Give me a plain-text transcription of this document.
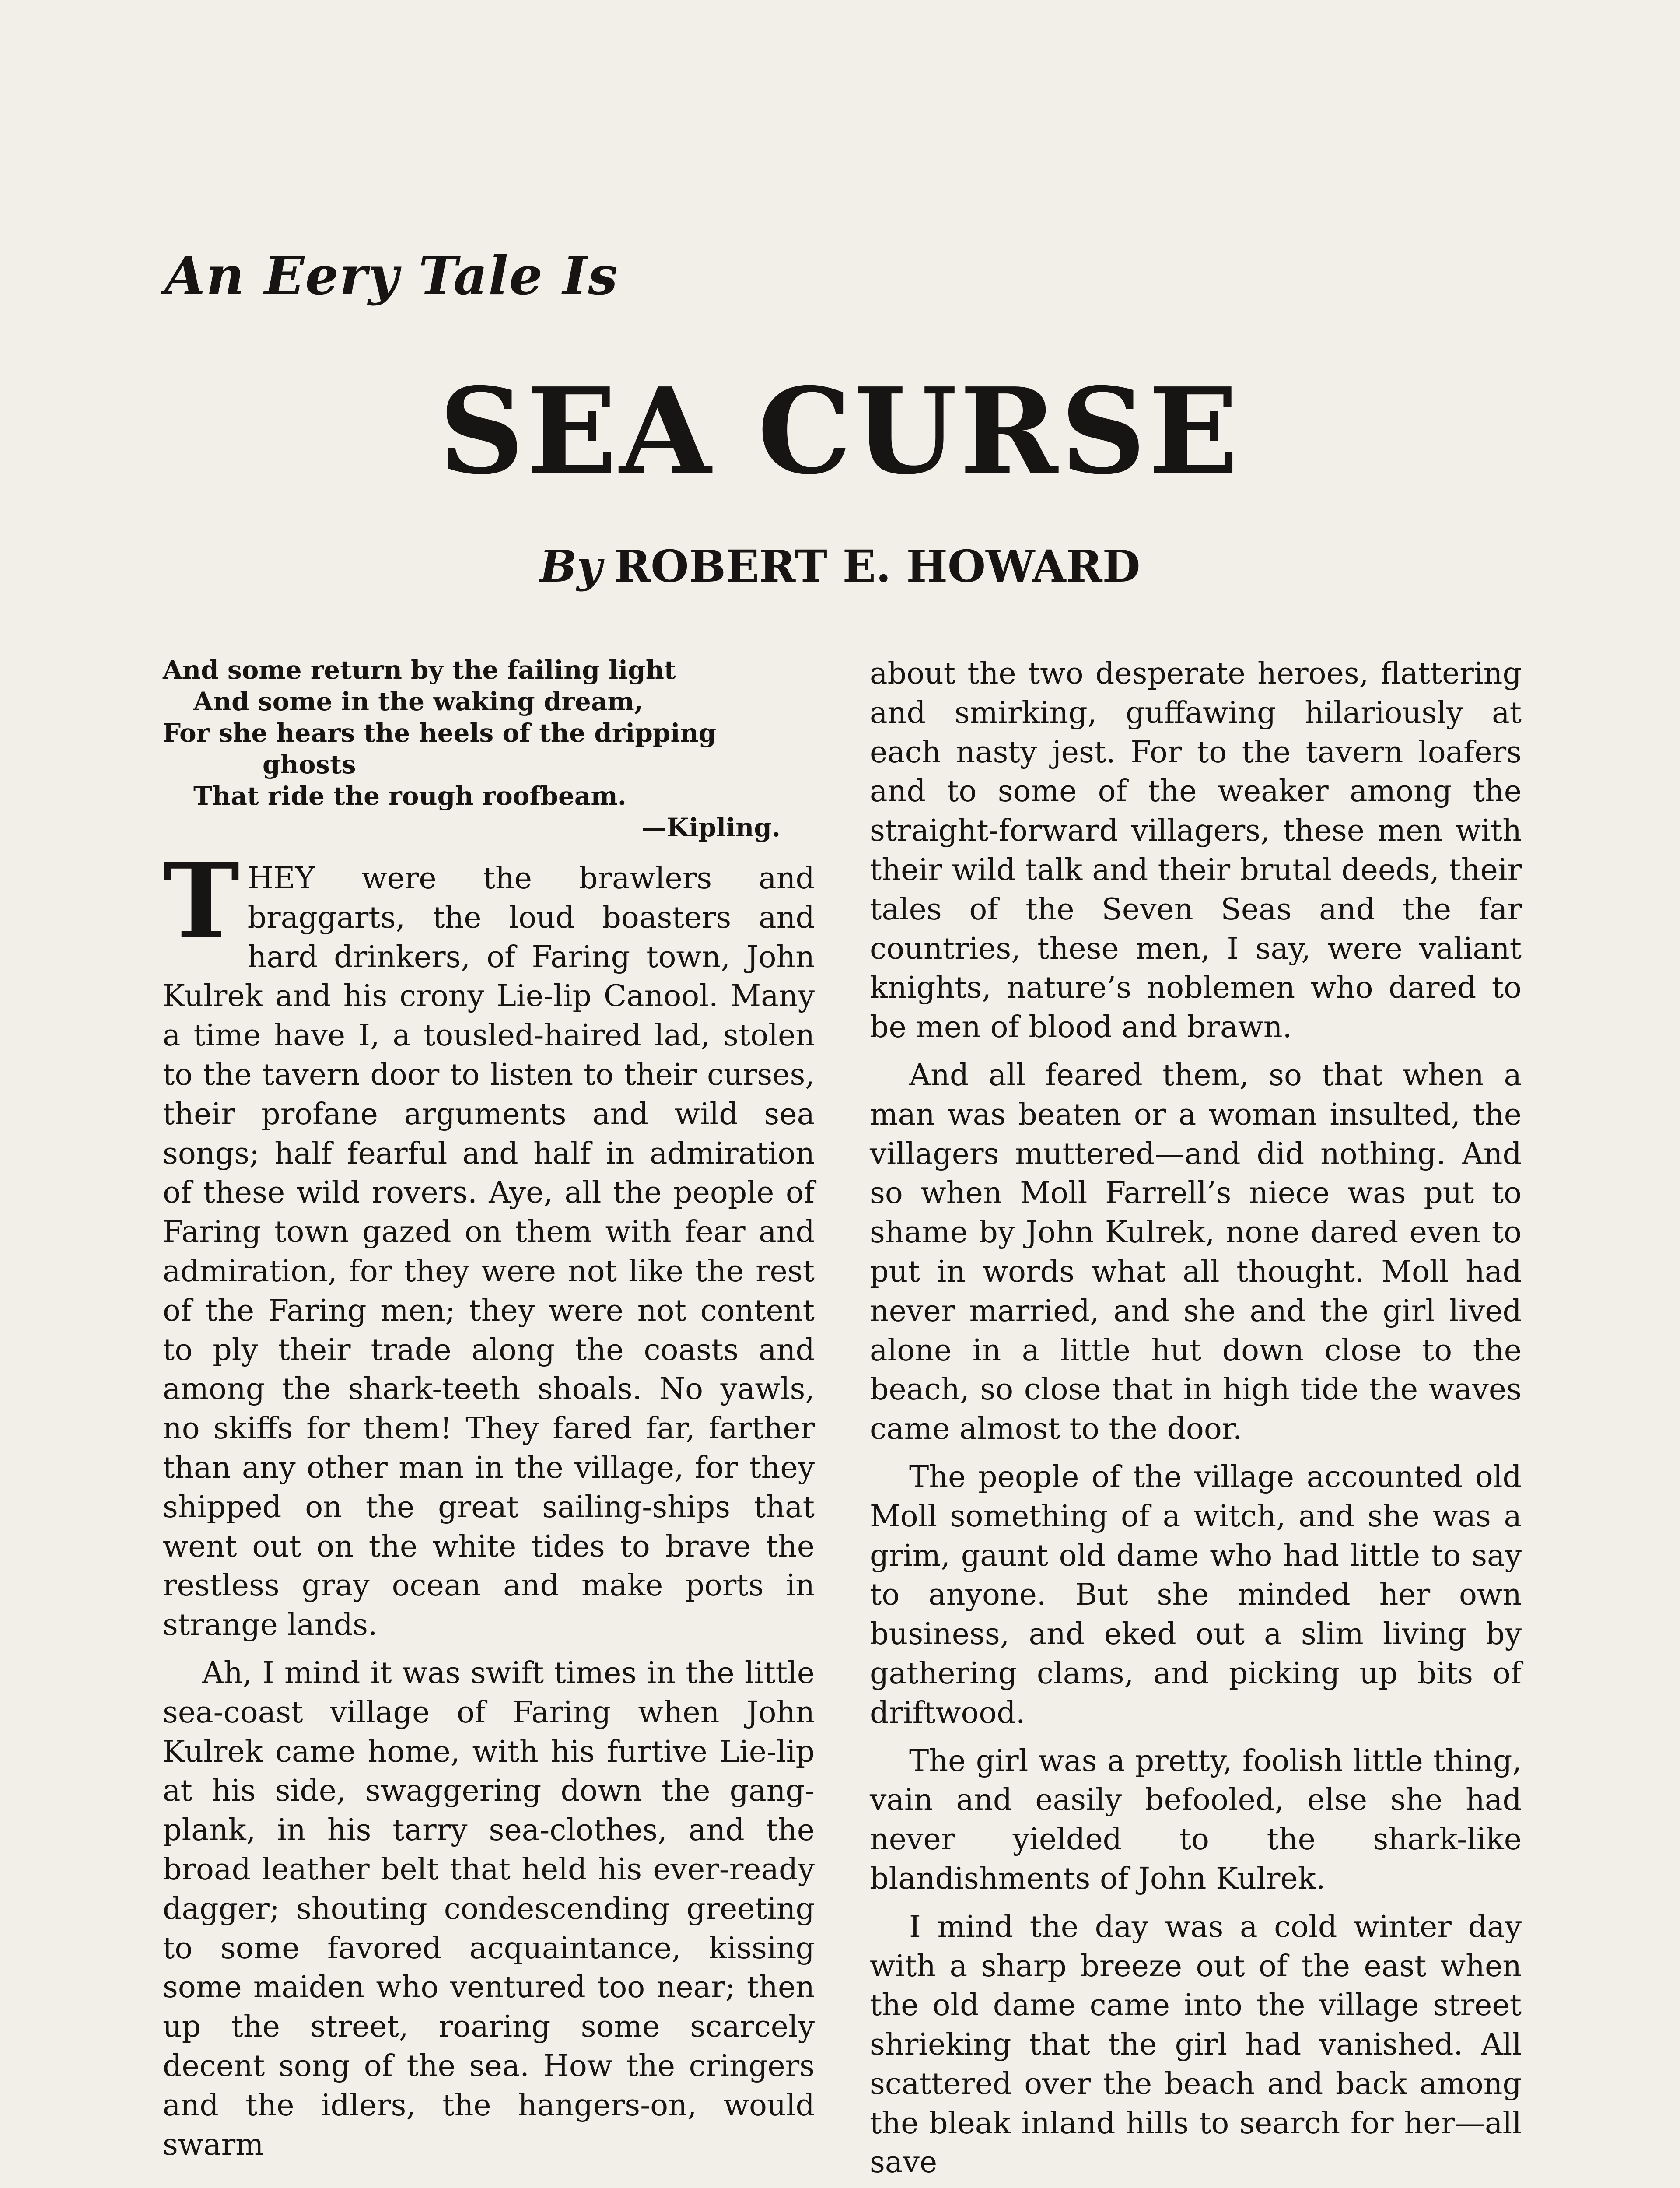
An Eery Tale Is
SEA CURSE
By ROBERT E. HOWARD
And some return by the failing light
And some in the waking dream,
For she hears the heels of the dripping
ghosts
That ride the rough roofbeam.
—Kipling.

THEY were the brawlers and braggarts, the loud boasters and hard drinkers, of Faring town, John Kulrek and his crony Lie-lip Canool. Many a time have I, a tousled-haired lad, stolen to the tavern door to listen to their curses, their profane arguments and wild sea songs; half fearful and half in admiration of these wild rovers. Aye, all the people of Faring town gazed on them with fear and admiration, for they were not like the rest of the Faring men; they were not content to ply their trade along the coasts and among the shark-teeth shoals. No yawls, no skiffs for them! They fared far, farther than any other man in the village, for they shipped on the great sailing-ships that went out on the white tides to brave the restless gray ocean and make ports in strange lands.

Ah, I mind it was swift times in the little sea-coast village of Faring when John Kulrek came home, with his furtive Lie-lip at his side, swaggering down the gang-plank, in his tarry sea-clothes, and the broad leather belt that held his ever-ready dagger; shouting condescending greeting to some favored acquaintance, kissing some maiden who ventured too near; then up the street, roaring some scarcely decent song of the sea. How the cringers and the idlers, the hangers-on, would swarm

about the two desperate heroes, flattering and smirking, guffawing hilariously at each nasty jest. For to the tavern loafers and to some of the weaker among the straight-forward villagers, these men with their wild talk and their brutal deeds, their tales of the Seven Seas and the far countries, these men, I say, were valiant knights, nature’s noblemen who dared to be men of blood and brawn.

And all feared them, so that when a man was beaten or a woman insulted, the villagers muttered—and did nothing. And so when Moll Farrell’s niece was put to shame by John Kulrek, none dared even to put in words what all thought. Moll had never married, and she and the girl lived alone in a little hut down close to the beach, so close that in high tide the waves came almost to the door.

The people of the village accounted old Moll something of a witch, and she was a grim, gaunt old dame who had little to say to anyone. But she minded her own business, and eked out a slim living by gathering clams, and picking up bits of driftwood.

The girl was a pretty, foolish little thing, vain and easily befooled, else she had never yielded to the shark-like blandishments of John Kulrek.

I mind the day was a cold winter day with a sharp breeze out of the east when the old dame came into the village street shrieking that the girl had vanished. All scattered over the beach and back among the bleak inland hills to search for her—all save
